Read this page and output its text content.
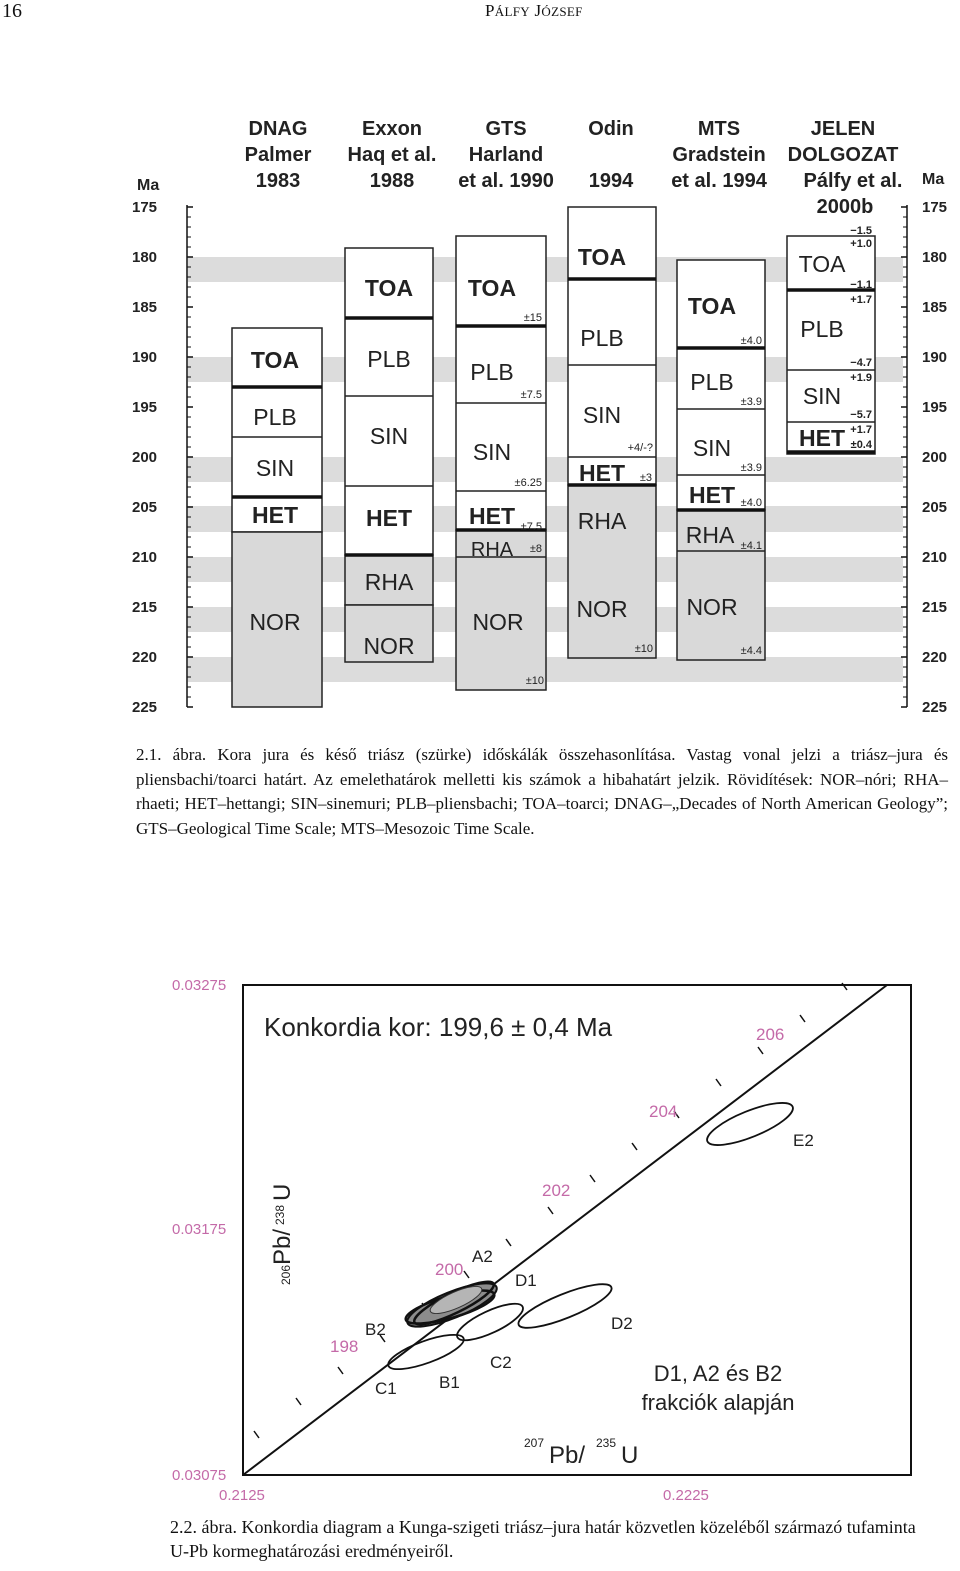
16	PÁLFY JÓZSEF
Ma	Ma
175	175
180	180
185	185
190	190
195	195
200	200
205	205
210	210
215	215
220	220
225	225
DNAG
Palmer
1983
Exxon
Haq et al.
1988
GTS
Harland
et al. 1990
Odin
1994
MTS
Gradstein
et al. 1994
JELEN
DOLGOZAT
Pálfy et al.
2000b
TOA
PLB
SIN
HET
NOR
TOA
PLB
SIN
HET
RHA
NOR
TOA
PLB
SIN
HET
RHA
NOR
±15
±7.5
±6.25
±7.5
±8
±10
TOA
PLB
SIN
HET
RHA
NOR
+4/-?
±3
±10
TOA
PLB
SIN
HET
RHA
NOR
±4.0
±3.9
±3.9
±4.0
±4.1
±4.4
TOA
PLB
SIN
HET
−1.5
+1.0
−1.1
+1.7
−4.7
+1.9
−5.7
+1.7
±0.4
2.1. ábra. Kora jura és késő triász (szürke) időskálák összehasonlítása. Vastag vonal jelzi a triász–jura és pliensbachi/toarci határt. Az emelethatárok melletti kis számok a hibahatárt jelzik. Rövidítések: NOR–nóri; RHA–rhaeti; HET–hettangi; SIN–sinemuri; PLB–pliensbachi; TOA–toarci; DNAG–„Decades of North American Geology”; GTS–Geological Time Scale; MTS–Mesozoic Time Scale.
0.03275
0.03175
0.03075
0.2125	0.2225
198
200
202
204
206
A2
B1
B2
C1
C2
D1
D2
E2
Konkordia kor: 199,6 ± 0,4 Ma
D1, A2 és B2
frakciók alapján
206
Pb/
238
U
207 Pb/ 235 U
2.2. ábra. Konkordia diagram a Kunga-szigeti triász–jura határ közvetlen közeléből származó tufaminta U-Pb kormeghatározási eredményeiről.
